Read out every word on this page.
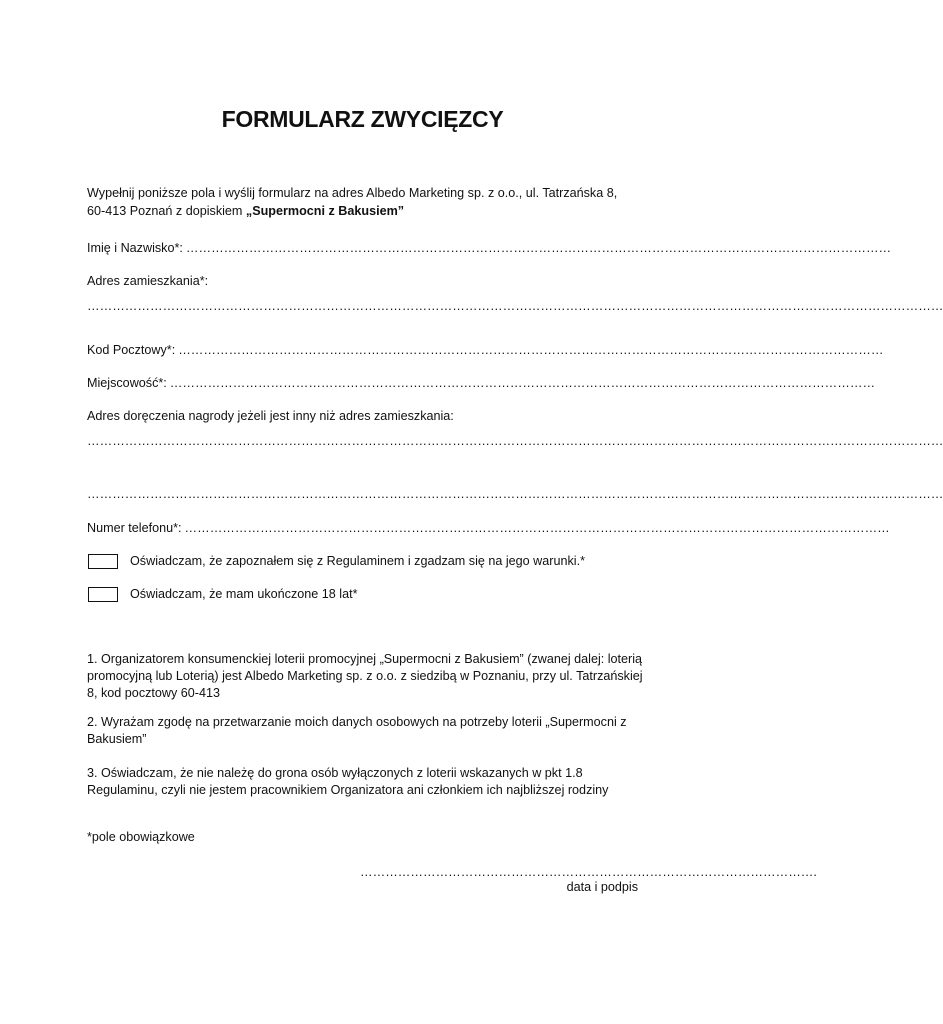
FORMULARZ ZWYCIĘZCY
Wypełnij poniższe pola i wyślij formularz na adres Albedo Marketing sp. z o.o., ul. Tatrzańska 8,
60-413 Poznań z dopiskiem „Supermocni z Bakusiem”
Imię i Nazwisko*: ……………………………………………………………………………………………………………………………………………………
Adres zamieszkania*:
……………………………………………………………………………………………………………………………………………………………………………………
Kod Pocztowy*: ……………………………………………………………………………………………………………………………………………………
Miejscowość*: ……………………………………………………………………………………………………………………………………………………
Adres doręczenia nagrody jeżeli jest inny niż adres zamieszkania:
……………………………………………………………………………………………………………………………………………………………………………………
……………………………………………………………………………………………………………………………………………………………………………………
Numer telefonu*: ……………………………………………………………………………………………………………………………………………………
Oświadczam, że zapoznałem się z Regulaminem i zgadzam się na jego warunki.*
Oświadczam, że mam ukończone 18 lat*
1. Organizatorem konsumenckiej loterii promocyjnej „Supermocni z Bakusiem” (zwanej dalej: loterią promocyjną lub Loterią) jest Albedo Marketing sp. z o.o. z siedzibą w Poznaniu, przy ul. Tatrzańskiej 8, kod pocztowy 60-413
2. Wyrażam zgodę na przetwarzanie moich danych osobowych na potrzeby loterii „Supermocni z Bakusiem”
3. Oświadczam, że nie należę do grona osób wyłączonych z loterii wskazanych w pkt 1.8 Regulaminu, czyli nie jestem pracownikiem Organizatora ani członkiem ich najbliższej rodziny
*pole obowiązkowe
……………………………………………………………………………………………….
data i podpis
